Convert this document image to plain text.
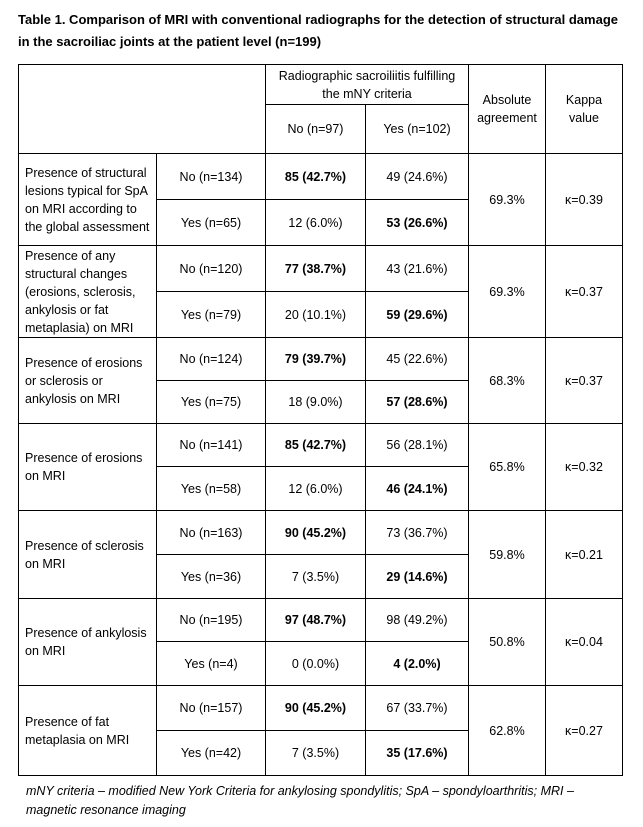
Table 1. Comparison of MRI with conventional radiographs for the detection of structural damage in the sacroiliac joints at the patient level (n=199)
		Radiographic sacroiliitis fulfilling the mNY criteria		Absolute agreement	Kappa value
		No (n=97)	Yes (n=102)		
Presence of structural lesions typical for SpA on MRI according to the global assessment	No (n=134)	85 (42.7%)	49 (24.6%)	69.3%	κ=0.39
	Yes (n=65)	12 (6.0%)	53 (26.6%)		
Presence of any structural changes (erosions, sclerosis, ankylosis or fat metaplasia) on MRI	No (n=120)	77 (38.7%)	43 (21.6%)	69.3%	κ=0.37
	Yes (n=79)	20 (10.1%)	59 (29.6%)		
Presence of erosions or sclerosis or ankylosis on MRI	No (n=124)	79 (39.7%)	45 (22.6%)	68.3%	κ=0.37
	Yes (n=75)	18 (9.0%)	57 (28.6%)		
Presence of erosions on MRI	No (n=141)	85 (42.7%)	56 (28.1%)	65.8%	κ=0.32
	Yes (n=58)	12 (6.0%)	46 (24.1%)		
Presence of sclerosis on MRI	No (n=163)	90 (45.2%)	73 (36.7%)	59.8%	κ=0.21
	Yes (n=36)	7 (3.5%)	29 (14.6%)		
Presence of ankylosis on MRI	No (n=195)	97 (48.7%)	98 (49.2%)	50.8%	κ=0.04
	Yes (n=4)	0 (0.0%)	4 (2.0%)		
Presence of fat metaplasia on MRI	No (n=157)	90 (45.2%)	67 (33.7%)	62.8%	κ=0.27
	Yes (n=42)	7 (3.5%)	35 (17.6%)		
mNY criteria – modified New York Criteria for ankylosing spondylitis; SpA – spondyloarthritis; MRI – magnetic resonance imaging
